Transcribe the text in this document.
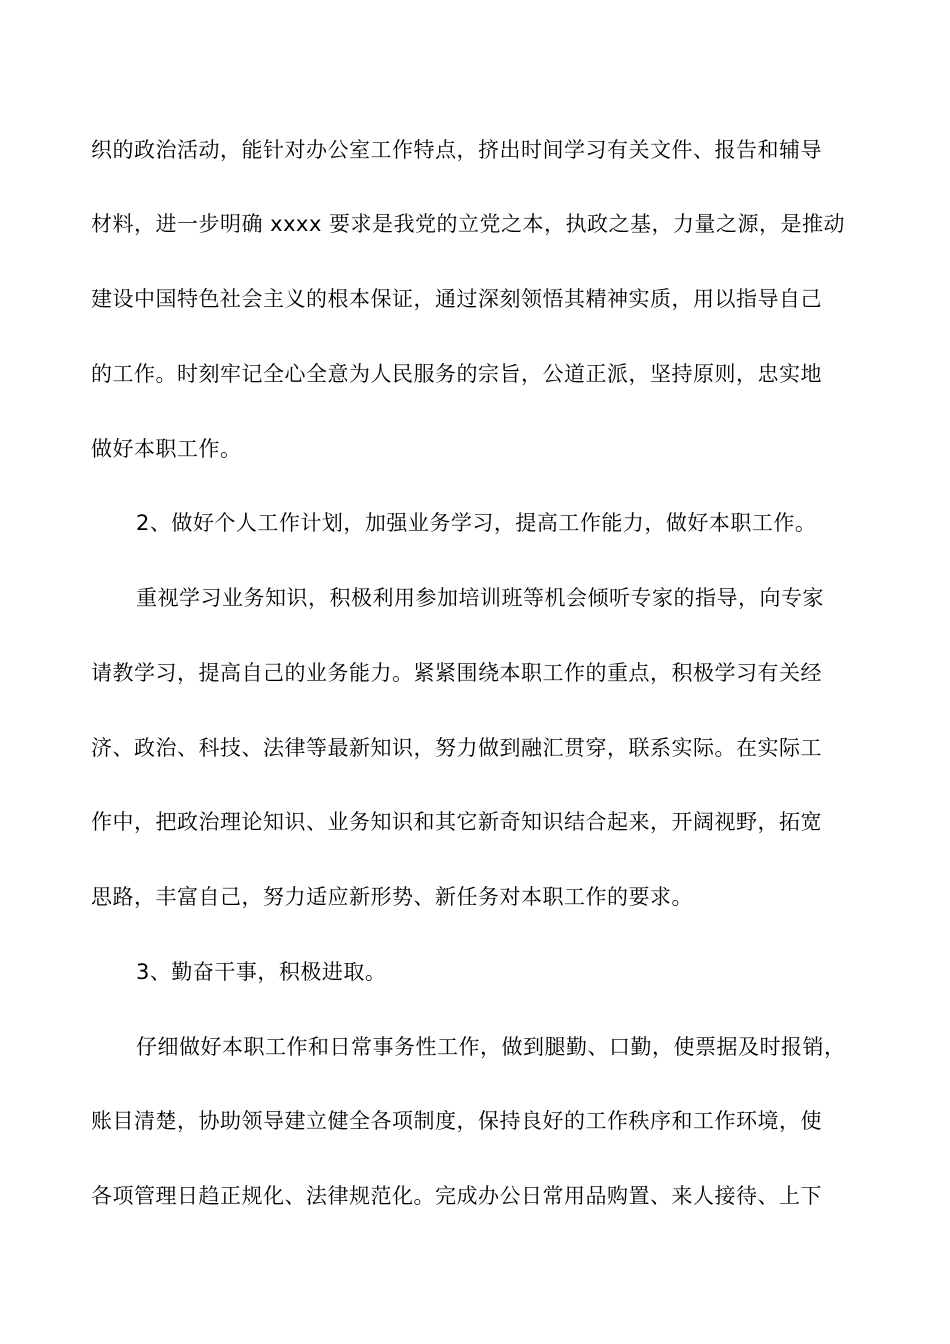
织的政治活动，能针对办公室工作特点，挤出时间学习有关文件、报告和辅导
材料，进一步明确 xxxx 要求是我党的立党之本，执政之基，力量之源，是推动
建设中国特色社会主义的根本保证，通过深刻领悟其精神实质，用以指导自己
的工作。时刻牢记全心全意为人民服务的宗旨，公道正派，坚持原则，忠实地
做好本职工作。
2、做好个人工作计划，加强业务学习，提高工作能力，做好本职工作。
重视学习业务知识，积极利用参加培训班等机会倾听专家的指导，向专家
请教学习，提高自己的业务能力。紧紧围绕本职工作的重点，积极学习有关经
济、政治、科技、法律等最新知识，努力做到融汇贯穿，联系实际。在实际工
作中，把政治理论知识、业务知识和其它新奇知识结合起来，开阔视野，拓宽
思路，丰富自己，努力适应新形势、新任务对本职工作的要求。
3、勤奋干事，积极进取。
仔细做好本职工作和日常事务性工作，做到腿勤、口勤，使票据及时报销，
账目清楚，协助领导建立健全各项制度，保持良好的工作秩序和工作环境，使
各项管理日趋正规化、法律规范化。完成办公日常用品购置、来人接待、上下
